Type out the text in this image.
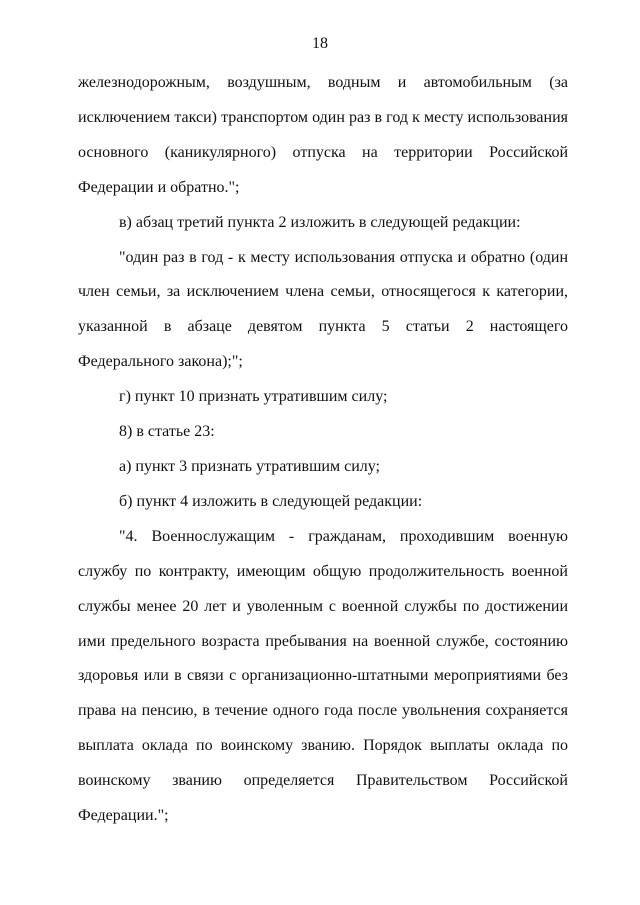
18

железнодорожным, воздушным, водным и автомобильным (за исключением такси) транспортом один раз в год к месту использования основного (каникулярного) отпуска на территории Российской Федерации и обратно.";

в) абзац третий пункта 2 изложить в следующей редакции:

"один раз в год - к месту использования отпуска и обратно (один член семьи, за исключением члена семьи, относящегося к категории, указанной в абзаце девятом пункта 5 статьи 2 настоящего Федерального закона);";

г) пункт 10 признать утратившим силу;

8) в статье 23:

а) пункт 3 признать утратившим силу;

б) пункт 4 изложить в следующей редакции:

"4. Военнослужащим - гражданам, проходившим военную службу по контракту, имеющим общую продолжительность военной службы менее 20 лет и уволенным с военной службы по достижении ими предельного возраста пребывания на военной службе, состоянию здоровья или в связи с организационно-штатными мероприятиями без права на пенсию, в течение одного года после увольнения сохраняется выплата оклада по воинскому званию. Порядок выплаты оклада по воинскому званию определяется Правительством Российской Федерации.";
